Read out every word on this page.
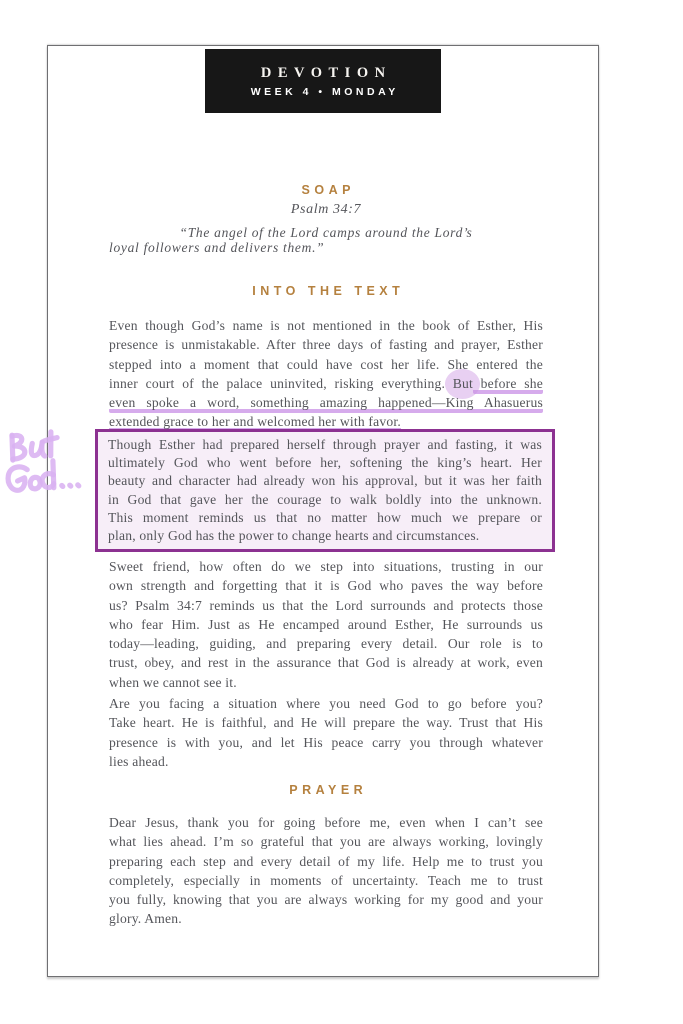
DEVOTION
WEEK 4 • MONDAY
SOAP
Psalm 34:7
“The angel of the Lord camps around the Lord’s
loyal followers and delivers them.”
INTO THE TEXT
Even though God’s name is not mentioned in the book of Esther, His
presence is unmistakable. After three days of fasting and prayer, Esther
stepped into a moment that could have cost her life. She entered the
inner court of the palace uninvited, risking everything. But before she
even spoke a word, something amazing happened—King Ahasuerus
extended grace to her and welcomed her with favor.
Though Esther had prepared herself through prayer and fasting, it was
ultimately God who went before her, softening the king’s heart. Her
beauty and character had already won his approval, but it was her faith
in God that gave her the courage to walk boldly into the unknown.
This moment reminds us that no matter how much we prepare or
plan, only God has the power to change hearts and circumstances.
Sweet friend, how often do we step into situations, trusting in our
own strength and forgetting that it is God who paves the way before
us? Psalm 34:7 reminds us that the Lord surrounds and protects those
who fear Him. Just as He encamped around Esther, He surrounds us
today—leading, guiding, and preparing every detail. Our role is to
trust, obey, and rest in the assurance that God is already at work, even
when we cannot see it.
Are you facing a situation where you need God to go before you?
Take heart. He is faithful, and He will prepare the way. Trust that His
presence is with you, and let His peace carry you through whatever
lies ahead.
PRAYER
Dear Jesus, thank you for going before me, even when I can’t see
what lies ahead. I’m so grateful that you are always working, lovingly
preparing each step and every detail of my life. Help me to trust you
completely, especially in moments of uncertainty. Teach me to trust
you fully, knowing that you are always working for my good and your
glory. Amen.
